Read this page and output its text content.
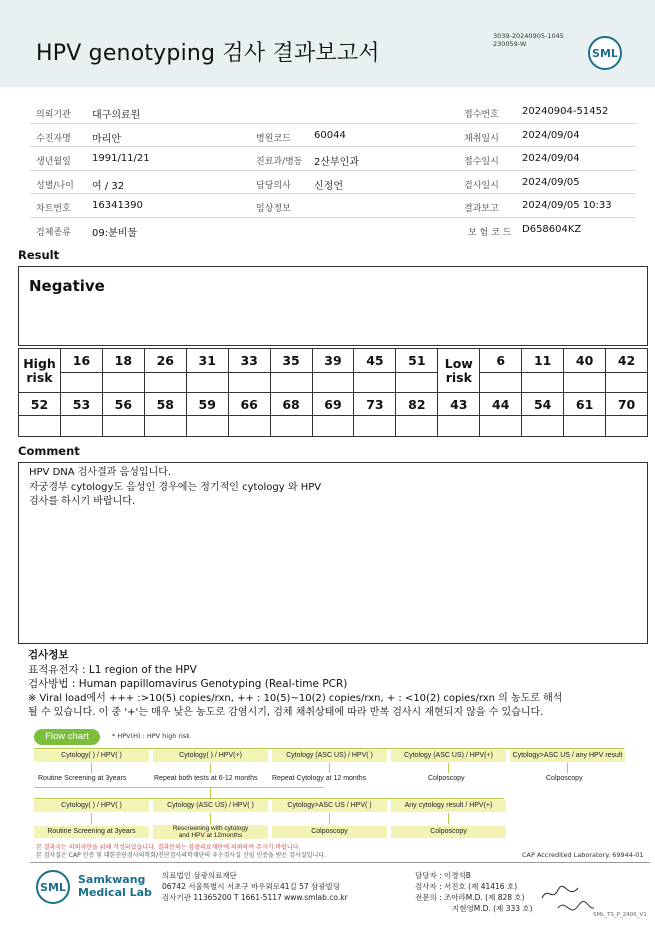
HPV genotyping 검사 결과보고서
3039-20240905-1045
230059-W
SML
의뢰기관 대구의료원	접수번호 20240904-51452
수진자명 마리안	병원코드 60044	채취일시 2024/09/04
생년월일 1991/11/21	진료과/병동 2산부인과	접수일시 2024/09/04
성별/나이 여 / 32	담당의사 신정언	검사일시 2024/09/05
차트번호 16341390	임상정보	결과보고 2024/09/05 10:33
검체종류 09:분비물	보 험 코 드 D658604KZ
Result
Negative
High risk	16	18	26	31	33	35	39	45	51	Low risk	6	11	40	42

52	53	56	58	59	66	68	69	73	82	43	44	54	61	70

Comment
HPV DNA 검사결과 음성입니다.
자궁경부 cytology도 음성인 경우에는 정기적인 cytology 와 HPV
검사를 하시기 바랍니다.
검사정보
표적유전자 : L1 region of the HPV
검사방법 : Human papillomavirus Genotyping (Real-time PCR)
※ Viral load에서 +++ :>10(5) copies/rxn, ++ : 10(5)~10(2) copies/rxn, + : <10(2) copies/rxn 의 농도로 해석
될 수 있습니다. 이 중 '+'는 매우 낮은 농도로 감염시기, 검체 채취상태에 따라 반복 검사시 재현되지 않을 수 있습니다.
Flow chart	* HPV(H) : HPV high risk
Cytology( ) / HPV( )	Cytology( ) / HPV(+)	Cytology (ASC US) / HPV( )	Cytology (ASC US) / HPV(+)	Cytology>ASC US / any HPV result
Routine Screening at 3years	Repeat both tests at 6-12 months Repeat Cytology at 12 months	Colposcopy	Colposcopy
Cytology( ) / HPV( )	Cytology (ASC US) / HPV( )	Cytology>ASC US / HPV( )	Any cytology result / HPV(+)
Routine Screening at 3years	Rescreening with cytology
and HPV at 12months
Colposcopy	Colposcopy
본 결과지는 의뢰자만을 위해 작성되었습니다. 결과문의는 삼광의료재단에 의뢰하여 주시기 바랍니다.
본 검사실은 CAP 인증 및 대한진단검사의학회/진단검사의학재단의 우수검사실 신임 인증을 받은 검사실입니다.	CAP Accredited Laboratory. 69944-01
SML
Samkwang
Medical Lab
의료법인 삼광의료재단
06742 서울특별시 서초구 바우뫼로41길 57 삼광빌딩
검사기관 11365200 T 1661-5117 www.smlab.co.kr
담당자 : 이경석B
검사자 : 서진호 (제 41416 호)
전문의 : 조아라M.D. (제 828 호)
지현영M.D. (제 333 호)
SML_TS_P_2406_V1
